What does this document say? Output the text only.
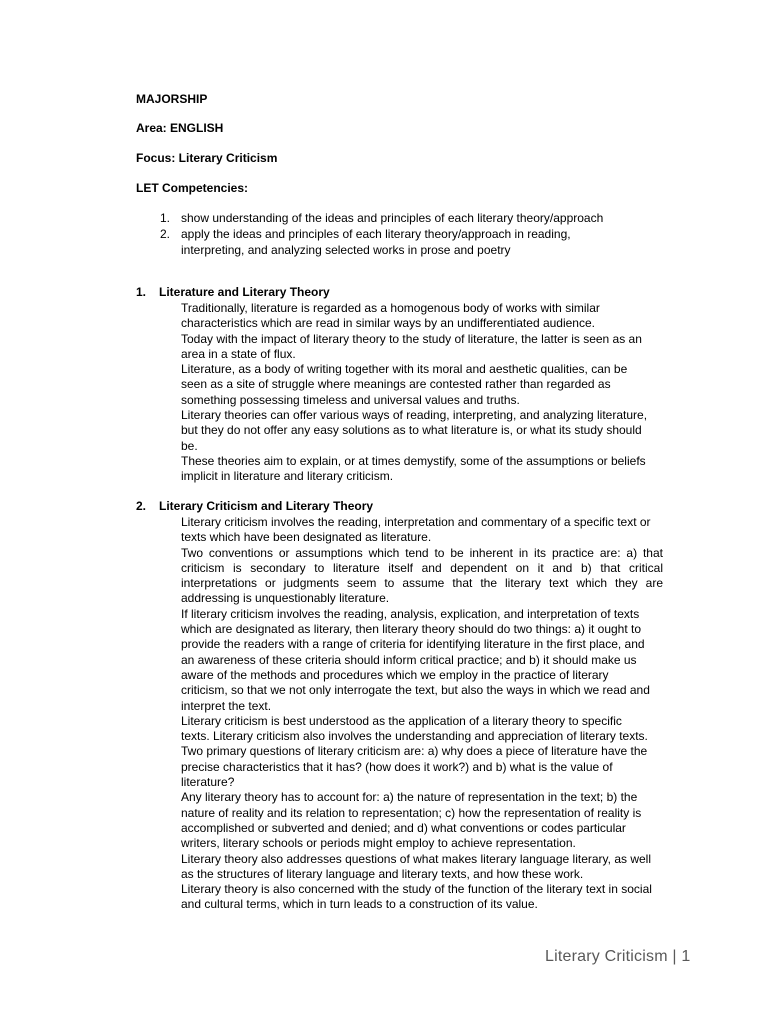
MAJORSHIP
Area: ENGLISH
Focus: Literary Criticism
LET Competencies:
1. show understanding of the ideas and principles of each literary theory/approach
2. apply the ideas and principles of each literary theory/approach in reading,
interpreting, and analyzing selected works in prose and poetry
1. Literature and Literary Theory

Traditionally, literature is regarded as a homogenous body of works with similar

characteristics which are read in similar ways by an undifferentiated audience.

Today with the impact of literary theory to the study of literature, the latter is seen as an

area in a state of flux.

Literature, as a body of writing together with its moral and aesthetic qualities, can be

seen as a site of struggle where meanings are contested rather than regarded as

something possessing timeless and universal values and truths.

Literary theories can offer various ways of reading, interpreting, and analyzing literature,

but they do not offer any easy solutions as to what literature is, or what its study should

be.

These theories aim to explain, or at times demystify, some of the assumptions or beliefs

implicit in literature and literary criticism.

2. Literary Criticism and Literary Theory

Literary criticism involves the reading, interpretation and commentary of a specific text or

texts which have been designated as literature.

Two conventions or assumptions which tend to be inherent in its practice are: a) that

criticism is secondary to literature itself and dependent on it and b) that critical

interpretations or judgments seem to assume that the literary text which they are

addressing is unquestionably literature.

If literary criticism involves the reading, analysis, explication, and interpretation of texts

which are designated as literary, then literary theory should do two things: a) it ought to

provide the readers with a range of criteria for identifying literature in the first place, and

an awareness of these criteria should inform critical practice; and b) it should make us

aware of the methods and procedures which we employ in the practice of literary

criticism, so that we not only interrogate the text, but also the ways in which we read and

interpret the text.

Literary criticism is best understood as the application of a literary theory to specific

texts. Literary criticism also involves the understanding and appreciation of literary texts.

Two primary questions of literary criticism are: a) why does a piece of literature have the

precise characteristics that it has? (how does it work?) and b) what is the value of

literature?

Any literary theory has to account for: a) the nature of representation in the text; b) the

nature of reality and its relation to representation; c) how the representation of reality is

accomplished or subverted and denied; and d) what conventions or codes particular

writers, literary schools or periods might employ to achieve representation.

Literary theory also addresses questions of what makes literary language literary, as well

as the structures of literary language and literary texts, and how these work.

Literary theory is also concerned with the study of the function of the literary text in social

and cultural terms, which in turn leads to a construction of its value.

Literary Criticism | 1
